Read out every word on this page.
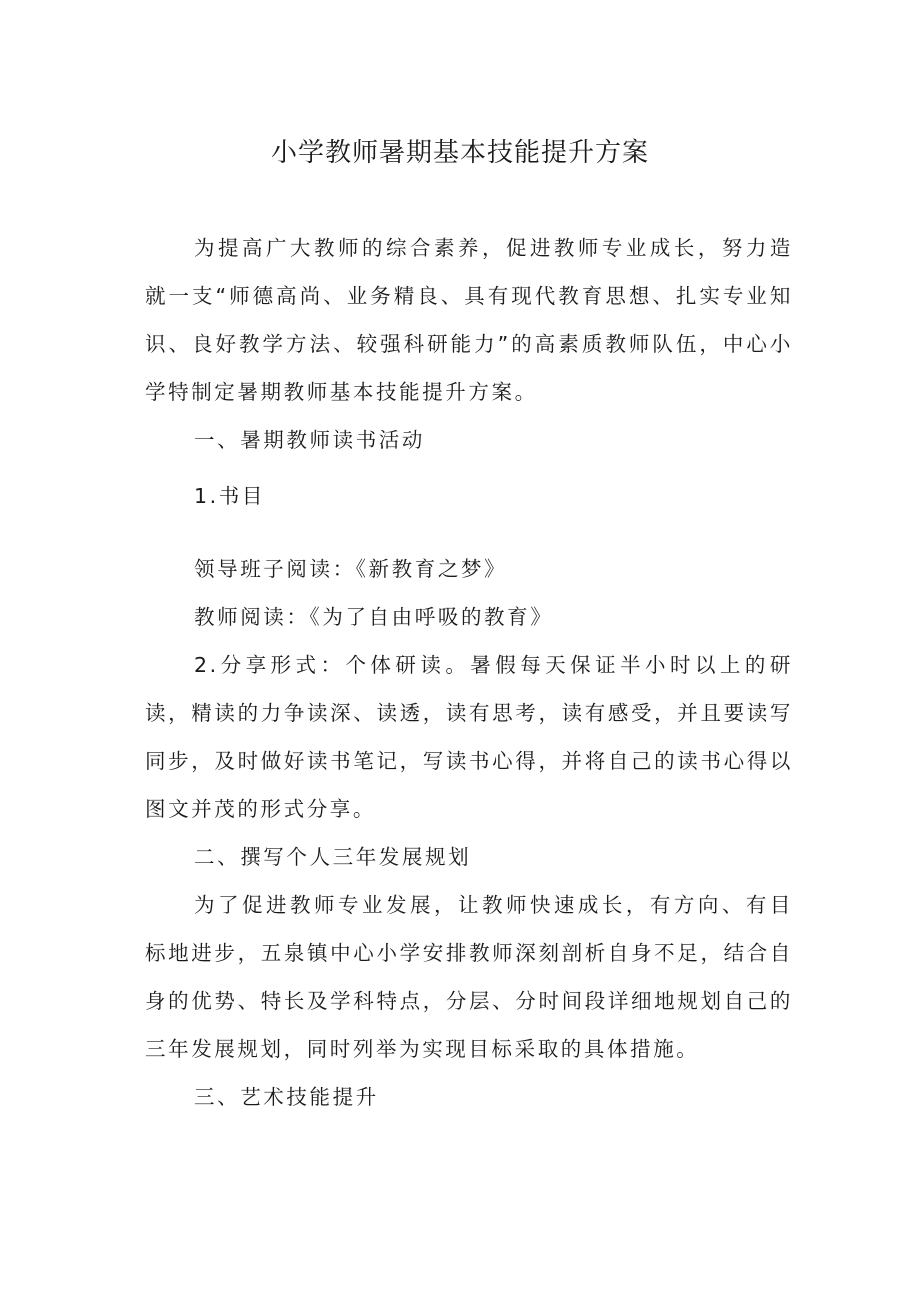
小学教师暑期基本技能提升方案
为提高广大教师的综合素养，促进教师专业成长，努力造就一支“师德高尚、业务精良、具有现代教育思想、扎实专业知识、良好教学方法、较强科研能力”的高素质教师队伍，中心小学特制定暑期教师基本技能提升方案。
一、暑期教师读书活动
1.书目
领导班子阅读：《新教育之梦》
教师阅读：《为了自由呼吸的教育》
2.分享形式：个体研读。暑假每天保证半小时以上的研读，精读的力争读深、读透，读有思考，读有感受，并且要读写同步，及时做好读书笔记，写读书心得，并将自己的读书心得以图文并茂的形式分享。
二、撰写个人三年发展规划
为了促进教师专业发展，让教师快速成长，有方向、有目标地进步，五泉镇中心小学安排教师深刻剖析自身不足，结合自身的优势、特长及学科特点，分层、分时间段详细地规划自己的三年发展规划，同时列举为实现目标采取的具体措施。
三、艺术技能提升
